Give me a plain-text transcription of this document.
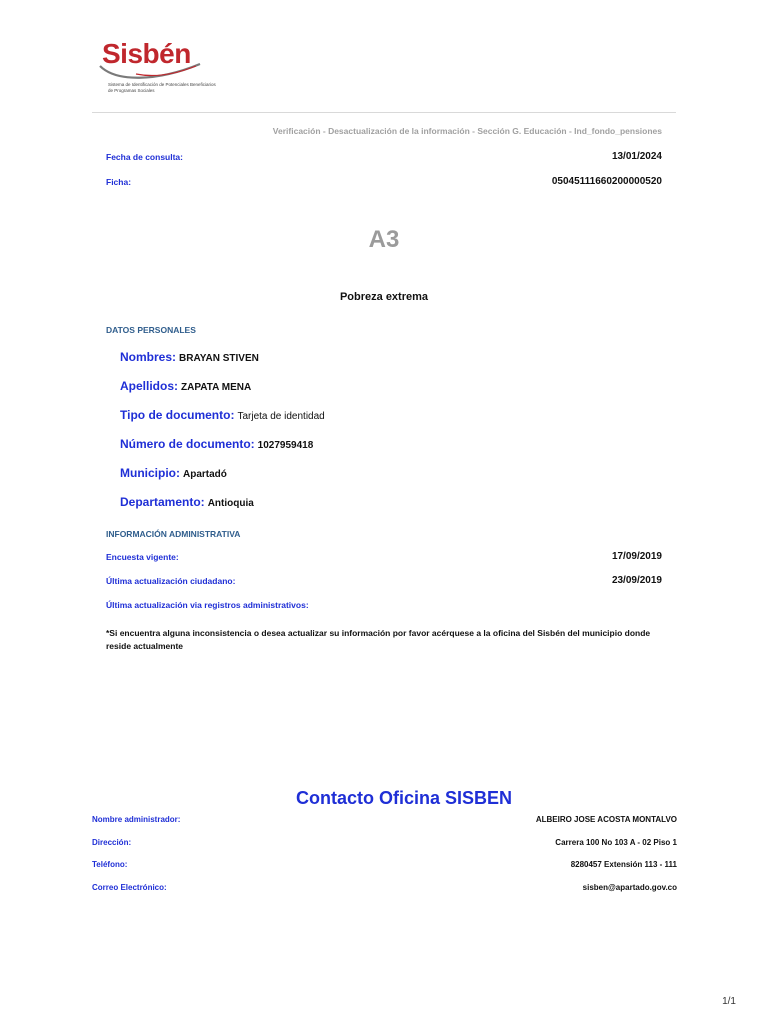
Sisbén
Sistema de Identificación de Potenciales Beneficiarios de Programas Sociales
Verificación - Desactualización de la información - Sección G. Educación - Ind_fondo_pensiones
Fecha de consulta:	13/01/2024
Ficha:	05045111660200000520
A3
Pobreza extrema
DATOS PERSONALES
Nombres: BRAYAN STIVEN
Apellidos: ZAPATA MENA
Tipo de documento: Tarjeta de identidad
Número de documento: 1027959418
Municipio: Apartadó
Departamento: Antioquia
INFORMACIÓN ADMINISTRATIVA
Encuesta vigente:	17/09/2019
Última actualización ciudadano:	23/09/2019
Última actualización via registros administrativos:
*Si encuentra alguna inconsistencia o desea actualizar su información por favor acérquese a la oficina del Sisbén del municipio donde reside actualmente
Contacto Oficina SISBEN
Nombre administrador:	ALBEIRO JOSE ACOSTA MONTALVO
Dirección:	Carrera 100 No 103 A - 02 Piso 1
Teléfono:	8280457 Extensión 113 - 111
Correo Electrónico:	sisben@apartado.gov.co
1/1
